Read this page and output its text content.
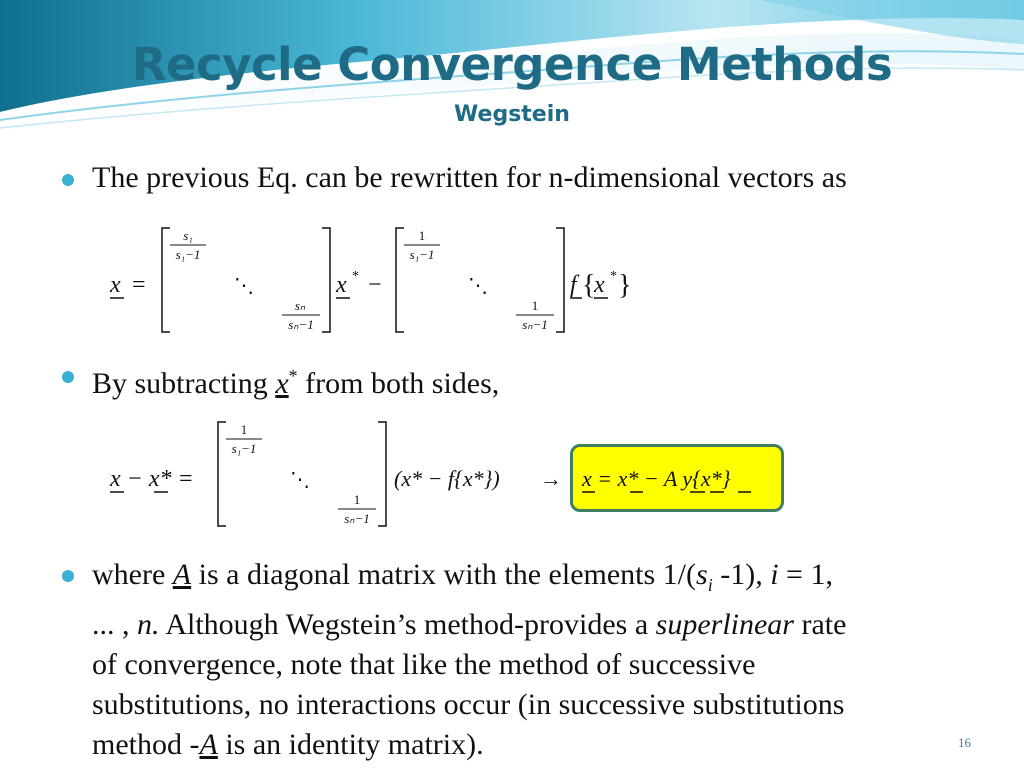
Recycle Convergence Methods
Wegstein
The previous Eq. can be rewritten for n-dimensional vectors as
x =
s₁
s₁−1
⋱
sₙ
sₙ−1
x * −
1
s₁−1
⋱
1
sₙ−1
f {
x * }
By subtracting x* from both sides,
x − x* =
1
s₁−1
⋱
1
sₙ−1
(x* − f{x*}) → x = x* − A y{x*}
where A is a diagonal matrix with the elements $1/(s_i$ -1), i = 1,
... , n. Although Wegstein’s method-provides a superlinear rate
of convergence, note that like the method of successive
substitutions, no interactions occur (in successive substitutions
method -A is an identity matrix).	16
